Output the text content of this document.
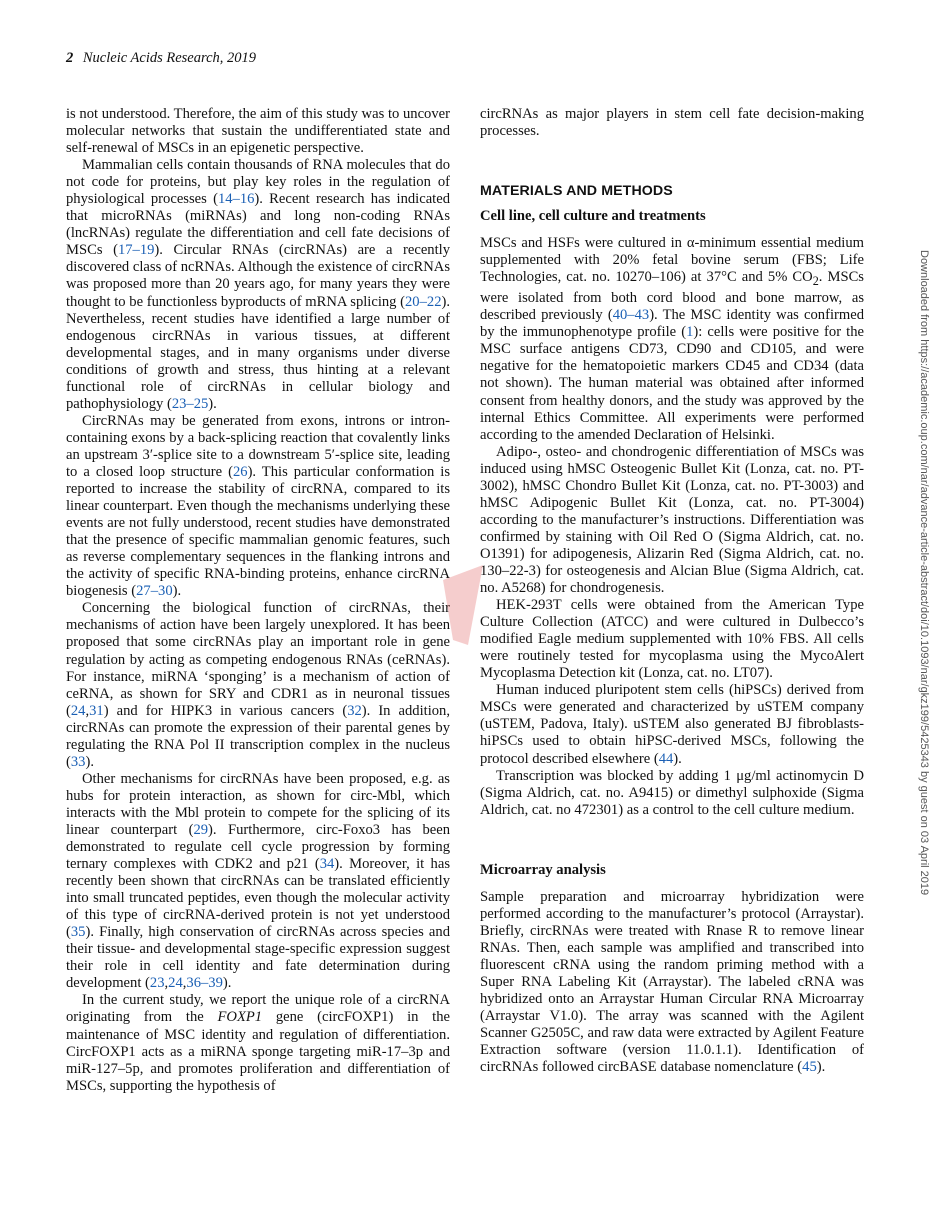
2 Nucleic Acids Research, 2019

is not understood. Therefore, the aim of this study was to uncover molecular networks that sustain the undifferentiated state and self-renewal of MSCs in an epigenetic perspective.

Mammalian cells contain thousands of RNA molecules that do not code for proteins, but play key roles in the regulation of physiological processes (14–16). Recent research has indicated that microRNAs (miRNAs) and long non-coding RNAs (lncRNAs) regulate the differentiation and cell fate decisions of MSCs (17–19). Circular RNAs (circRNAs) are a recently discovered class of ncRNAs. Although the existence of circRNAs was proposed more than 20 years ago, for many years they were thought to be functionless byproducts of mRNA splicing (20–22). Nevertheless, recent studies have identified a large number of endogenous circRNAs in various tissues, at different developmental stages, and in many organisms under diverse conditions of growth and stress, thus hinting at a relevant functional role of circRNAs in cellular biology and pathophysiology (23–25).

CircRNAs may be generated from exons, introns or intron-containing exons by a back-splicing reaction that covalently links an upstream 3′-splice site to a downstream 5′-splice site, leading to a closed loop structure (26). This particular conformation is reported to increase the stability of circRNA, compared to its linear counterpart. Even though the mechanisms underlying these events are not fully understood, recent studies have demonstrated that the presence of specific mammalian genomic features, such as reverse complementary sequences in the flanking introns and the activity of specific RNA-binding proteins, enhance circRNA biogenesis (27–30).

Concerning the biological function of circRNAs, their mechanisms of action have been largely unexplored. It has been proposed that some circRNAs play an important role in gene regulation by acting as competing endogenous RNAs (ceRNAs). For instance, miRNA ‘sponging’ is a mechanism of action of ceRNA, as shown for SRY and CDR1 as in neuronal tissues (24,31) and for HIPK3 in various cancers (32). In addition, circRNAs can promote the expression of their parental genes by regulating the RNA Pol II transcription complex in the nucleus (33).

Other mechanisms for circRNAs have been proposed, e.g. as hubs for protein interaction, as shown for circ-Mbl, which interacts with the Mbl protein to compete for the splicing of its linear counterpart (29). Furthermore, circ-Foxo3 has been demonstrated to regulate cell cycle progression by forming ternary complexes with CDK2 and p21 (34). Moreover, it has recently been shown that circRNAs can be translated efficiently into small truncated peptides, even though the molecular activity of this type of circRNA-derived protein is not yet understood (35). Finally, high conservation of circRNAs across species and their tissue- and developmental stage-specific expression suggest their role in cell identity and fate determination during development (23,24,36–39).

In the current study, we report the unique role of a circRNA originating from the FOXP1 gene (circFOXP1) in the maintenance of MSC identity and regulation of differentiation. CircFOXP1 acts as a miRNA sponge targeting miR-17–3p and miR-127–5p, and promotes proliferation and differentiation of MSCs, supporting the hypothesis of

circRNAs as major players in stem cell fate decision-making processes.

MATERIALS AND METHODS
Cell line, cell culture and treatments

MSCs and HSFs were cultured in α-minimum essential medium supplemented with 20% fetal bovine serum (FBS; Life Technologies, cat. no. 10270–106) at 37°C and 5% $CO_2$. MSCs were isolated from both cord blood and bone marrow, as described previously (40–43). The MSC identity was confirmed by the immunophenotype profile (1): cells were positive for the MSC surface antigens CD73, CD90 and CD105, and were negative for the hematopoietic markers CD45 and CD34 (data not shown). The human material was obtained after informed consent from healthy donors, and the study was approved by the internal Ethics Committee. All experiments were performed according to the amended Declaration of Helsinki.

Adipo-, osteo- and chondrogenic differentiation of MSCs was induced using hMSC Osteogenic Bullet Kit (Lonza, cat. no. PT-3002), hMSC Chondro Bullet Kit (Lonza, cat. no. PT-3003) and hMSC Adipogenic Bullet Kit (Lonza, cat. no. PT-3004) according to the manufacturer’s instructions. Differentiation was confirmed by staining with Oil Red O (Sigma Aldrich, cat. no. O1391) for adipogenesis, Alizarin Red (Sigma Aldrich, cat. no. 130–22-3) for osteogenesis and Alcian Blue (Sigma Aldrich, cat. no. A5268) for chondrogenesis.

HEK-293T cells were obtained from the American Type Culture Collection (ATCC) and were cultured in Dulbecco’s modified Eagle medium supplemented with 10% FBS. All cells were routinely tested for mycoplasma using the MycoAlert Mycoplasma Detection kit (Lonza, cat. no. LT07).

Human induced pluripotent stem cells (hiPSCs) derived from MSCs were generated and characterized by uSTEM company (uSTEM, Padova, Italy). uSTEM also generated BJ fibroblasts-hiPSCs used to obtain hiPSC-derived MSCs, following the protocol described elsewhere (44).

Transcription was blocked by adding 1 μg/ml actinomycin D (Sigma Aldrich, cat. no. A9415) or dimethyl sulphoxide (Sigma Aldrich, cat. no 472301) as a control to the cell culture medium.

Microarray analysis

Sample preparation and microarray hybridization were performed according to the manufacturer’s protocol (Arraystar). Briefly, circRNAs were treated with Rnase R to remove linear RNAs. Then, each sample was amplified and transcribed into fluorescent cRNA using the random priming method with a Super RNA Labeling Kit (Arraystar). The labeled cRNA was hybridized onto an Arraystar Human Circular RNA Microarray (Arraystar V1.0). The array was scanned with the Agilent Scanner G2505C, and raw data were extracted by Agilent Feature Extraction software (version 11.0.1.1). Identification of circRNAs followed circBASE database nomenclature (45).

Downloaded from https://academic.oup.com/nar/advance-article-abstract/doi/10.1093/nar/gkz199/5425343 by guest on 03 April 2019
